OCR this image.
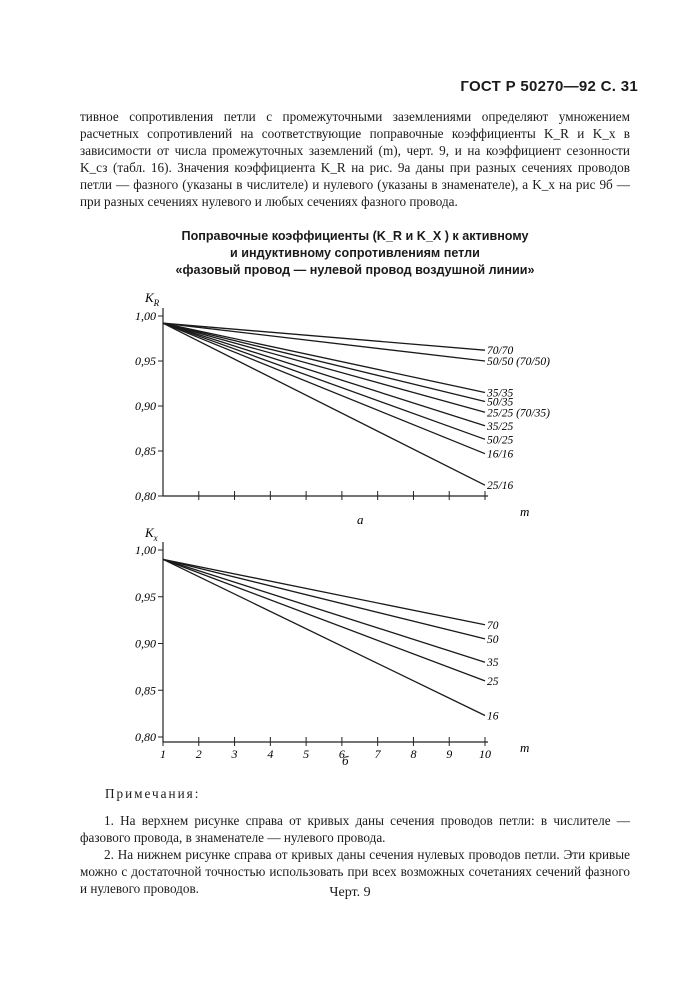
ГОСТ Р 50270—92 С. 31

тивное сопротивления петли с промежуточными заземлениями определяют умножением расчетных сопротивлений на соответствующие поправочные коэффициенты K_R и K_x в зависимости от числа промежуточных заземлений (m), черт. 9, и на коэффициент сезонности K_сз (табл. 16). Значения коэффициента K_R на рис. 9а даны при разных сечениях проводов петли — фазного (указаны в числителе) и нулевого (указаны в знаменателе), а K_x на рис 9б — при разных сечениях нулевого и любых сечениях фазного провода.

Поправочные коэффициенты (K_R и K_X ) к активному
и индуктивному сопротивлениям петли
«фазовый провод — нулевой провод воздушной линии»
1,00
0,95
0,90
0,85
0,80
$K_R$
m
а
70/70
50/50 (70/50)
35/35
50/35
25/25 (70/35)
35/25
50/25
16/16
25/16
1,00
0,95
0,90
0,85
0,80
1 2 3 4 5 6 7 8 9 10
$K_x$
m
б
70
50
35
25
16
Примечания:

1. На верхнем рисунке справа от кривых даны сечения проводов петли: в числителе — фазового провода, в знаменателе — нулевого провода.

2. На нижнем рисунке справа от кривых даны сечения нулевых проводов петли. Эти кривые можно с достаточной точностью использовать при всех возможных сочетаниях сечений фазного и нулевого проводов.	Черт. 9
